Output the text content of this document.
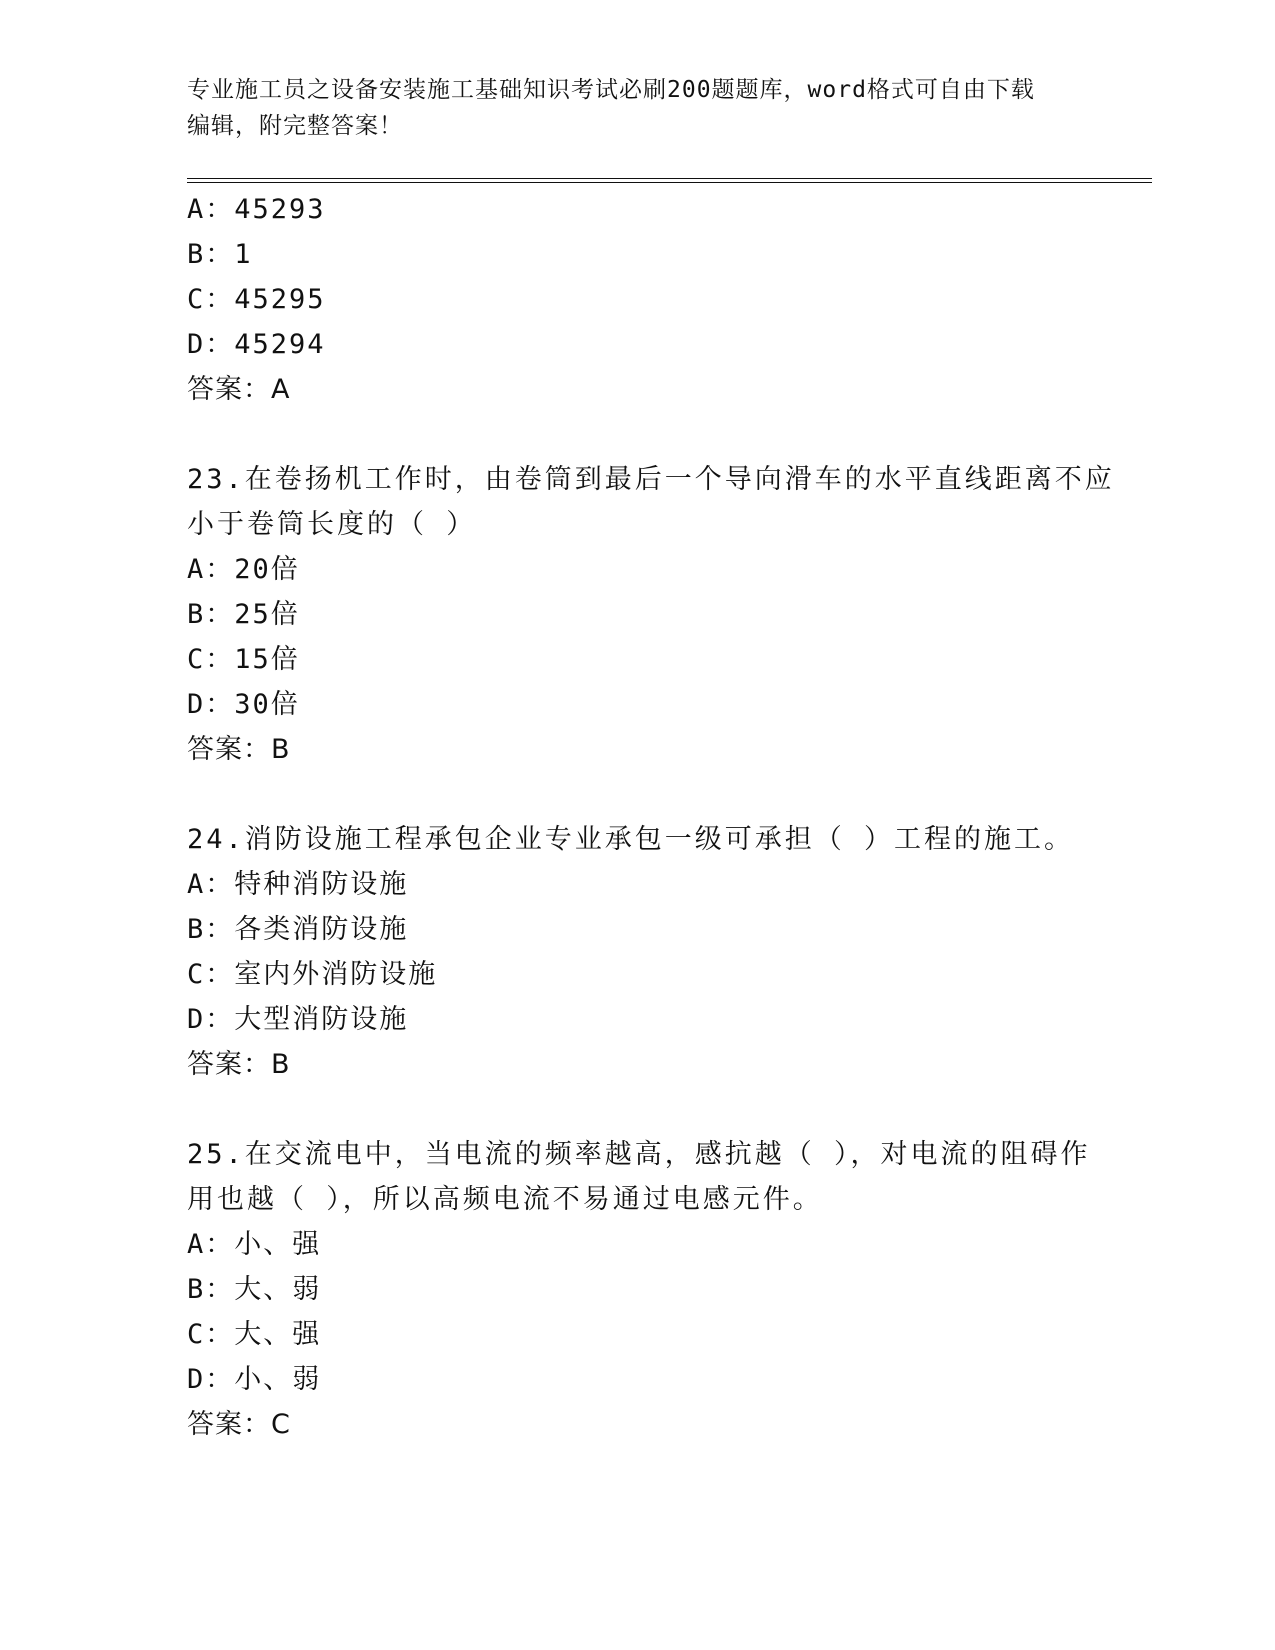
专业施工员之设备安装施工基础知识考试必刷200题题库，word格式可自由下载
编辑，附完整答案！
A：45293
B：1
C：45295
D：45294
答案：A
23.在卷扬机工作时，由卷筒到最后一个导向滑车的水平直线距离不应
小于卷筒长度的（ ）
A：20倍
B：25倍
C：15倍
D：30倍
答案：B
24.消防设施工程承包企业专业承包一级可承担（ ）工程的施工。
A：特种消防设施
B：各类消防设施
C：室内外消防设施
D：大型消防设施
答案：B
25.在交流电中，当电流的频率越高，感抗越（ ），对电流的阻碍作
用也越（ ），所以高频电流不易通过电感元件。
A：小、强
B：大、弱
C：大、强
D：小、弱
答案：C
